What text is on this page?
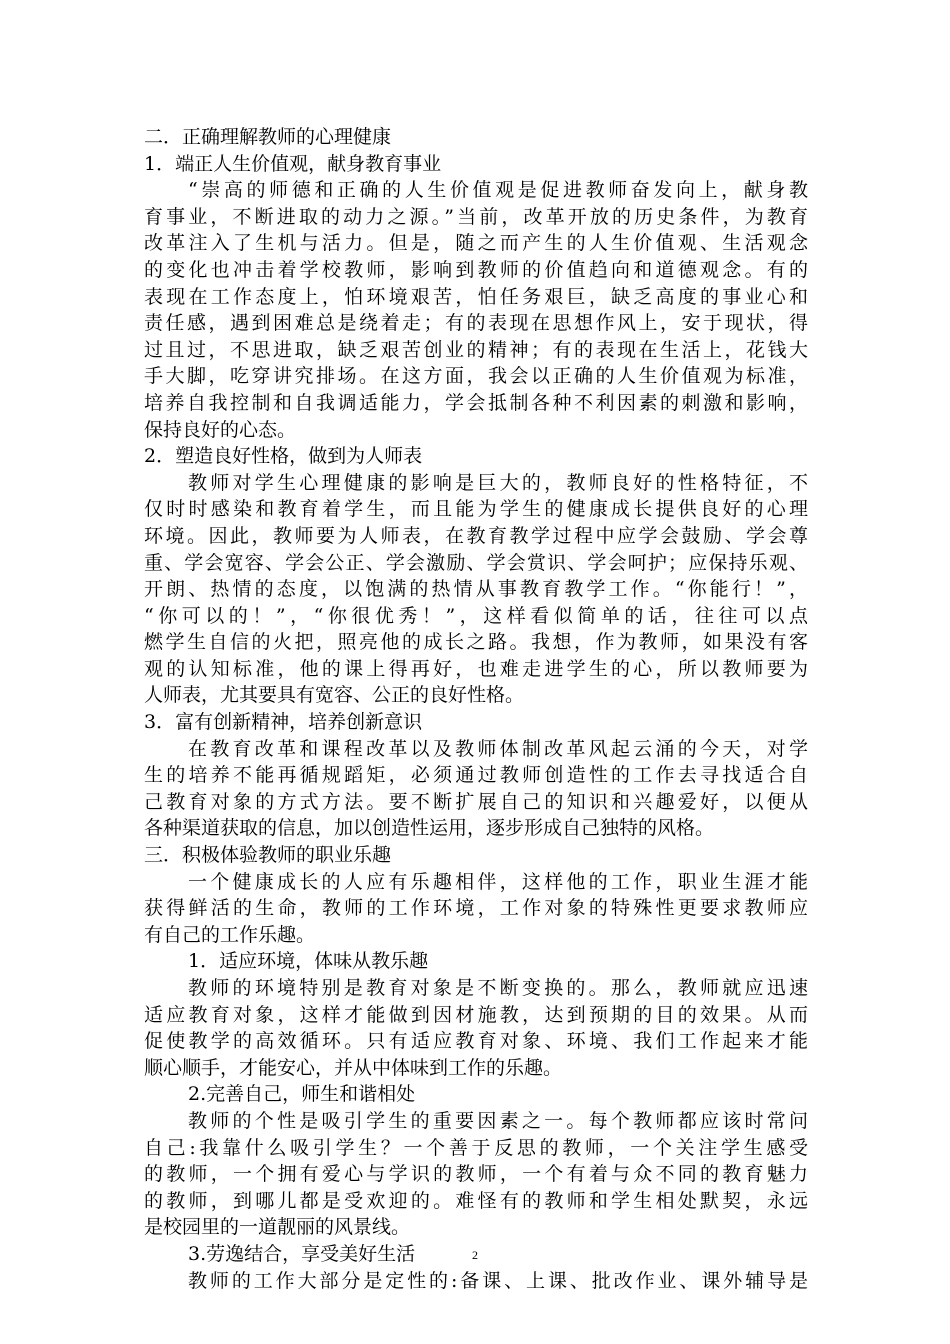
二．正确理解教师的心理健康
1．端正人生价值观，献身教育事业
“崇高的师德和正确的人生价值观是促进教师奋发向上，献身教
育事业，不断进取的动力之源。”当前，改革开放的历史条件，为教育
改革注入了生机与活力。但是，随之而产生的人生价值观、生活观念
的变化也冲击着学校教师，影响到教师的价值趋向和道德观念。有的
表现在工作态度上，怕环境艰苦，怕任务艰巨，缺乏高度的事业心和
责任感，遇到困难总是绕着走；有的表现在思想作风上，安于现状，得
过且过，不思进取，缺乏艰苦创业的精神；有的表现在生活上，花钱大
手大脚，吃穿讲究排场。在这方面，我会以正确的人生价值观为标准，
培养自我控制和自我调适能力，学会抵制各种不利因素的刺激和影响，
保持良好的心态。
2．塑造良好性格，做到为人师表
教师对学生心理健康的影响是巨大的，教师良好的性格特征，不
仅时时感染和教育着学生，而且能为学生的健康成长提供良好的心理
环境。因此，教师要为人师表，在教育教学过程中应学会鼓励、学会尊
重、学会宽容、学会公正、学会激励、学会赏识、学会呵护；应保持乐观、
开朗、热情的态度，以饱满的热情从事教育教学工作。“你能行！”，
“你可以的！”，“你很优秀！”，这样看似简单的话，往往可以点
燃学生自信的火把，照亮他的成长之路。我想，作为教师，如果没有客
观的认知标准，他的课上得再好，也难走进学生的心，所以教师要为
人师表，尤其要具有宽容、公正的良好性格。
3．富有创新精神，培养创新意识
在教育改革和课程改革以及教师体制改革风起云涌的今天，对学
生的培养不能再循规蹈矩，必须通过教师创造性的工作去寻找适合自
己教育对象的方式方法。要不断扩展自己的知识和兴趣爱好，以便从
各种渠道获取的信息，加以创造性运用，逐步形成自己独特的风格。
三．积极体验教师的职业乐趣
一个健康成长的人应有乐趣相伴，这样他的工作，职业生涯才能
获得鲜活的生命，教师的工作环境，工作对象的特殊性更要求教师应
有自己的工作乐趣。
1．适应环境，体味从教乐趣
教师的环境特别是教育对象是不断变换的。那么，教师就应迅速
适应教育对象，这样才能做到因材施教，达到预期的目的效果。从而
促使教学的高效循环。只有适应教育对象、环境、我们工作起来才能
顺心顺手，才能安心，并从中体味到工作的乐趣。
2.完善自己，师生和谐相处
教师的个性是吸引学生的重要因素之一。每个教师都应该时常问
自己:我靠什么吸引学生？一个善于反思的教师，一个关注学生感受
的教师，一个拥有爱心与学识的教师，一个有着与众不同的教育魅力
的教师，到哪儿都是受欢迎的。难怪有的教师和学生相处默契，永远
是校园里的一道靓丽的风景线。
3.劳逸结合，享受美好生活
教师的工作大部分是定性的:备课、上课、批改作业、课外辅导是
2
